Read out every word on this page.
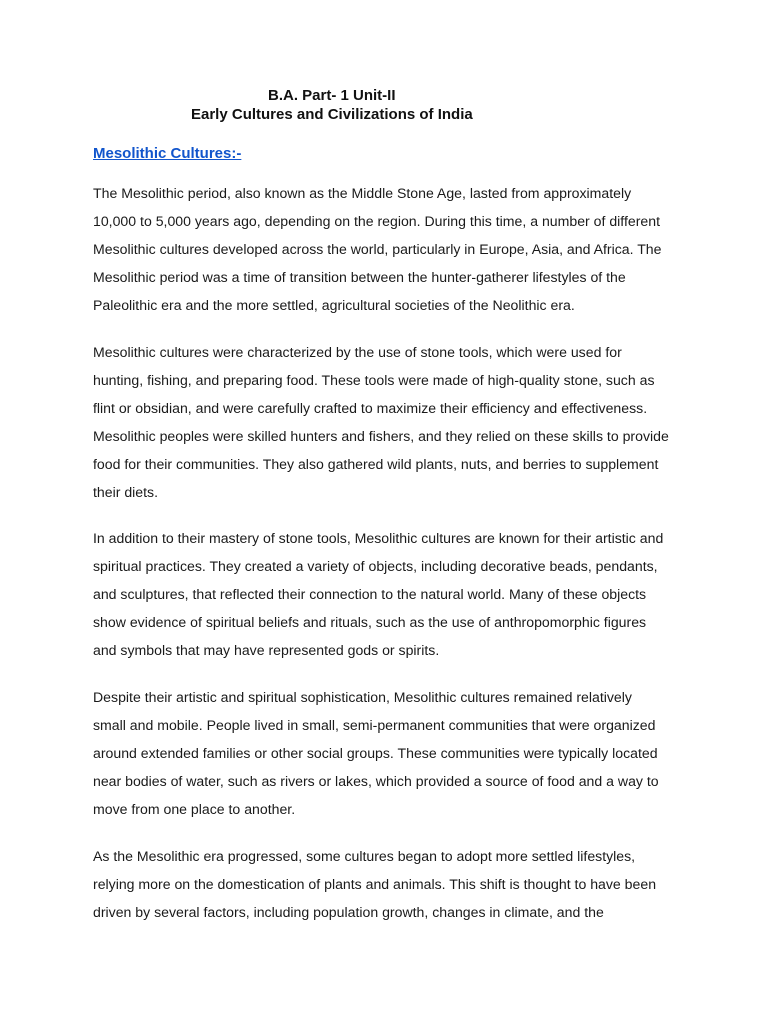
B.A. Part- 1 Unit-II
Early Cultures and Civilizations of India
Mesolithic Cultures:-
The Mesolithic period, also known as the Middle Stone Age, lasted from approximately
10,000 to 5,000 years ago, depending on the region. During this time, a number of different
Mesolithic cultures developed across the world, particularly in Europe, Asia, and Africa. The
Mesolithic period was a time of transition between the hunter-gatherer lifestyles of the
Paleolithic era and the more settled, agricultural societies of the Neolithic era.
Mesolithic cultures were characterized by the use of stone tools, which were used for
hunting, fishing, and preparing food. These tools were made of high-quality stone, such as
flint or obsidian, and were carefully crafted to maximize their efficiency and effectiveness.
Mesolithic peoples were skilled hunters and fishers, and they relied on these skills to provide
food for their communities. They also gathered wild plants, nuts, and berries to supplement
their diets.
In addition to their mastery of stone tools, Mesolithic cultures are known for their artistic and
spiritual practices. They created a variety of objects, including decorative beads, pendants,
and sculptures, that reflected their connection to the natural world. Many of these objects
show evidence of spiritual beliefs and rituals, such as the use of anthropomorphic figures
and symbols that may have represented gods or spirits.
Despite their artistic and spiritual sophistication, Mesolithic cultures remained relatively
small and mobile. People lived in small, semi-permanent communities that were organized
around extended families or other social groups. These communities were typically located
near bodies of water, such as rivers or lakes, which provided a source of food and a way to
move from one place to another.
As the Mesolithic era progressed, some cultures began to adopt more settled lifestyles,
relying more on the domestication of plants and animals. This shift is thought to have been
driven by several factors, including population growth, changes in climate, and the
